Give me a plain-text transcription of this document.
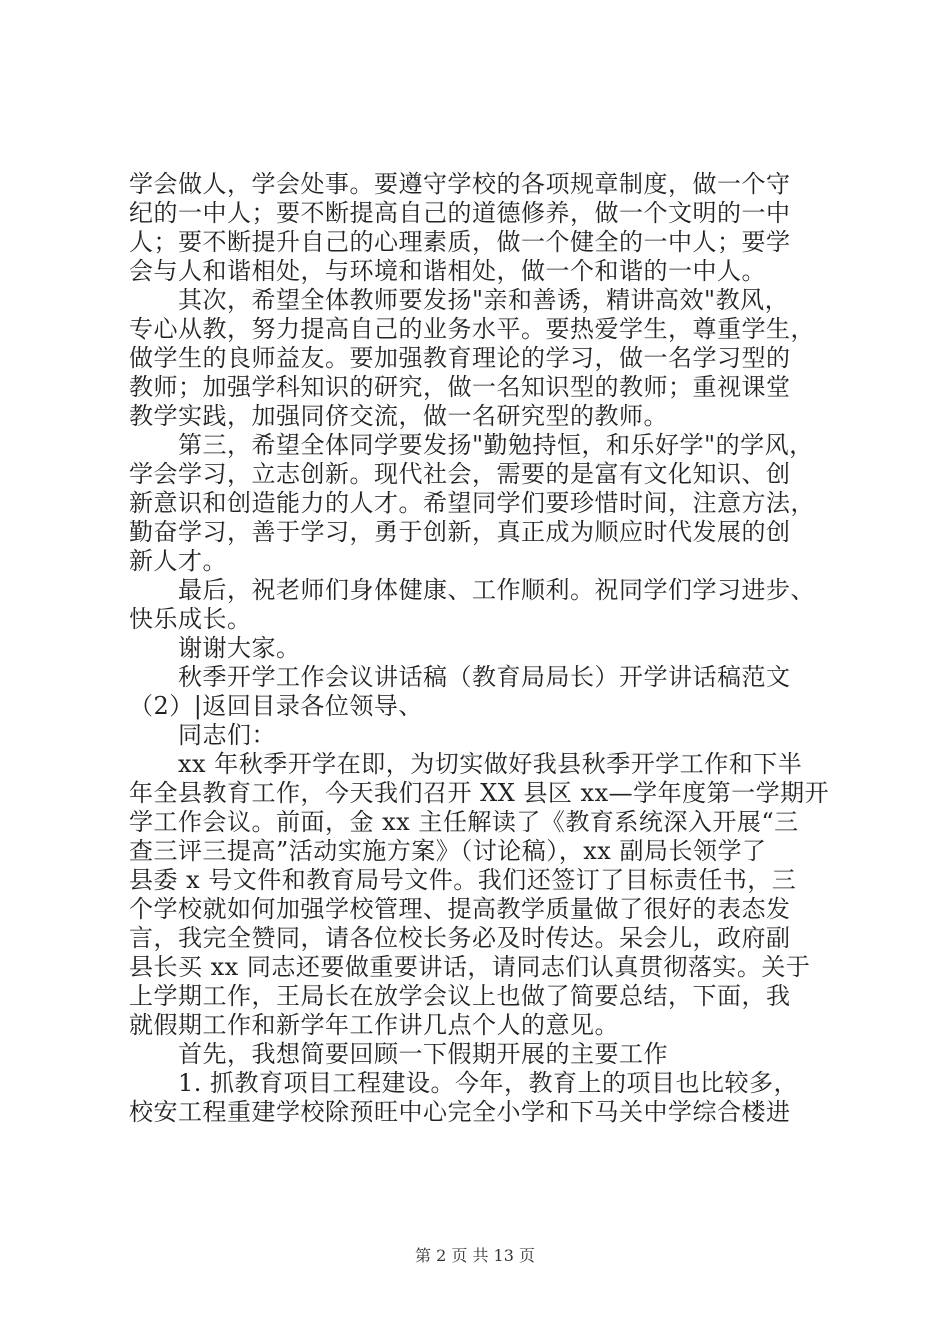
学会做人，学会处事。要遵守学校的各项规章制度，做一个守
纪的一中人；要不断提高自己的道德修养，做一个文明的一中
人；要不断提升自己的心理素质，做一个健全的一中人；要学
会与人和谐相处，与环境和谐相处，做一个和谐的一中人。
　　其次，希望全体教师要发扬"亲和善诱，精讲高效"教风，
专心从教，努力提高自己的业务水平。要热爱学生，尊重学生，
做学生的良师益友。要加强教育理论的学习，做一名学习型的
教师；加强学科知识的研究，做一名知识型的教师；重视课堂
教学实践，加强同侪交流，做一名研究型的教师。
　　第三，希望全体同学要发扬"勤勉持恒，和乐好学"的学风，
学会学习，立志创新。现代社会，需要的是富有文化知识、创
新意识和创造能力的人才。希望同学们要珍惜时间，注意方法，
勤奋学习，善于学习，勇于创新，真正成为顺应时代发展的创
新人才。
　　最后，祝老师们身体健康、工作顺利。祝同学们学习进步、
快乐成长。
　　谢谢大家。
　　秋季开学工作会议讲话稿（教育局局长）开学讲话稿范文
（2）|返回目录各位领导、
　　同志们：
　　xx 年秋季开学在即，为切实做好我县秋季开学工作和下半
年全县教育工作，今天我们召开 XX 县区 xx—学年度第一学期开
学工作会议。前面，金 xx 主任解读了《教育系统深入开展“三
查三评三提高”活动实施方案》（讨论稿），xx 副局长领学了
县委 x 号文件和教育局号文件。我们还签订了目标责任书，三
个学校就如何加强学校管理、提高教学质量做了很好的表态发
言，我完全赞同，请各位校长务必及时传达。呆会儿，政府副
县长买 xx 同志还要做重要讲话，请同志们认真贯彻落实。关于
上学期工作，王局长在放学会议上也做了简要总结，下面，我
就假期工作和新学年工作讲几点个人的意见。
　　首先，我想简要回顾一下假期开展的主要工作
　　1. 抓教育项目工程建设。今年，教育上的项目也比较多，
校安工程重建学校除预旺中心完全小学和下马关中学综合楼进
第 2 页 共 13 页
